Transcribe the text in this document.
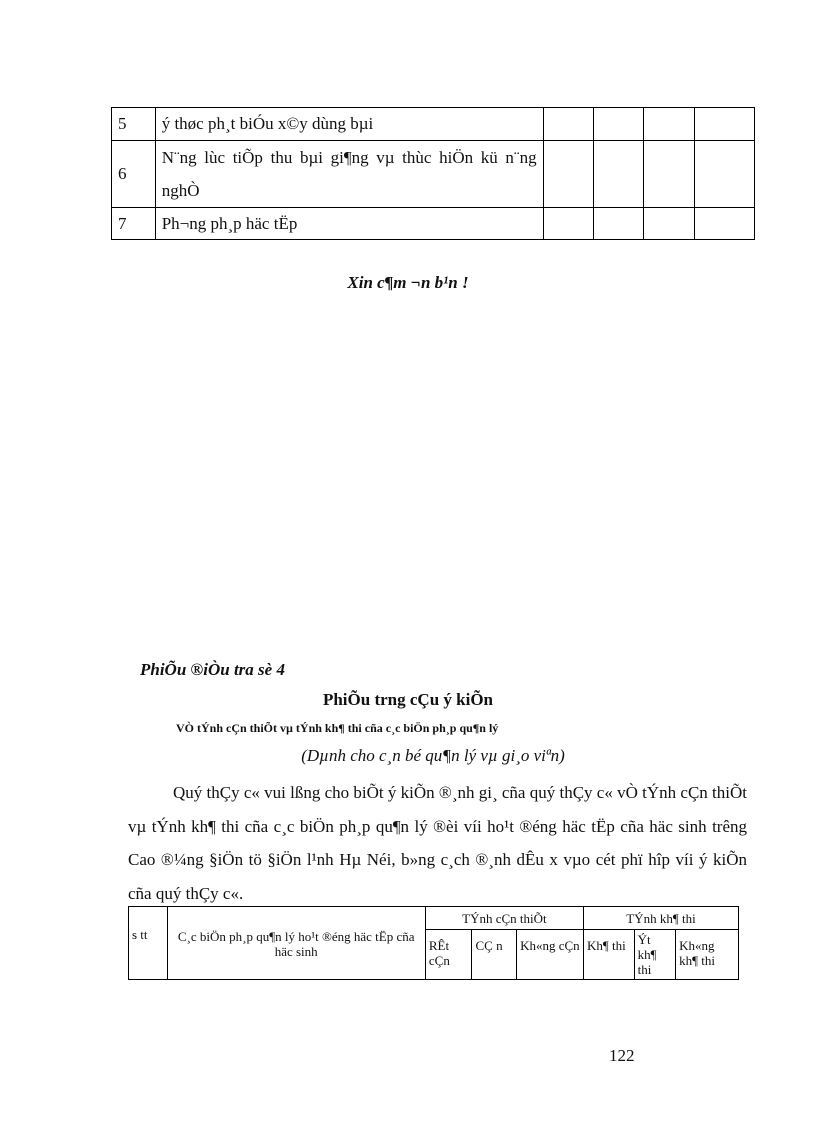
5	ý thøc ph¸t biÓu x©y dùng bµi				
6	N¨ng lùc tiÕp thu bµi gi¶ng vµ thùc hiÖn kü n¨ng nghÒ				
7	Ph¬ng ph¸p häc tËp				
Xin c¶m ¬n b¹n !
PhiÕu ®iÒu tra sè 4
PhiÕu trng cÇu ý kiÕn
VÒ tÝnh cÇn thiÕt vµ tÝnh kh¶ thi cña c¸c biÖn ph¸p qu¶n lý
(Dµnh cho c¸n bé qu¶n lý vµ gi¸o viªn)

Quý thÇy c« vui lßng cho biÕt ý kiÕn ®¸nh gi¸ cña quý thÇy c« vÒ tÝnh cÇn thiÕt vµ tÝnh kh¶ thi cña c¸c biÖn ph¸p qu¶n lý ®èi víi ho¹t ®éng häc tËp cña häc sinh trêng Cao ®¼ng §iÖn tö §iÖn l¹nh Hµ Néi, b»ng c¸ch ®¸nh dÊu x vµo cét phï hîp víi ý kiÕn cña quý thÇy c«.

s tt	C¸c biÖn ph¸p qu¶n lý ho¹t ®éng häc tËp cña häc sinh	TÝnh cÇn thiÕt			TÝnh kh¶ thi		
		RÊt cÇn	CÇ n	Kh«ng cÇn	Kh¶ thi	Ýt kh¶ thi	Kh«ng kh¶ thi
122
